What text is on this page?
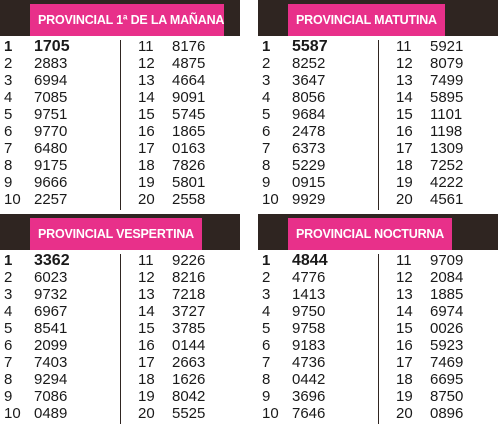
PROVINCIAL 1ª DE LA MAÑANA
1	1705
2	2883
3	6994
4	7085
5	9751
6	9770
7	6480
8	9175
9	9666
10 2257
11	8176
12	4875
13	4664
14	9091
15	5745
16	1865
17	0163
18	7826
19	5801
20	2558
PROVINCIAL MATUTINA
1	5587
2	8252
3	3647
4	8056
5	9684
6	2478
7	6373
8	5229
9	0915
10 9929
11	5921
12	8079
13	7499
14	5895
15	1101
16	1198
17	1309
18	7252
19	4222
20	4561
PROVINCIAL VESPERTINA
1	3362
2	6023
3	9732
4	6967
5	8541
6	2099
7	7403
8	9294
9	7086
10 0489
11	9226
12	8216
13	7218
14	3727
15	3785
16	0144
17	2663
18	1626
19	8042
20	5525
PROVINCIAL NOCTURNA
1	4844
2	4776
3	1413
4	9750
5	9758
6	9183
7	4736
8	0442
9	3696
10 7646
11	9709
12	2084
13	1885
14	6974
15	0026
16	5923
17	7469
18	6695
19	8750
20	0896
